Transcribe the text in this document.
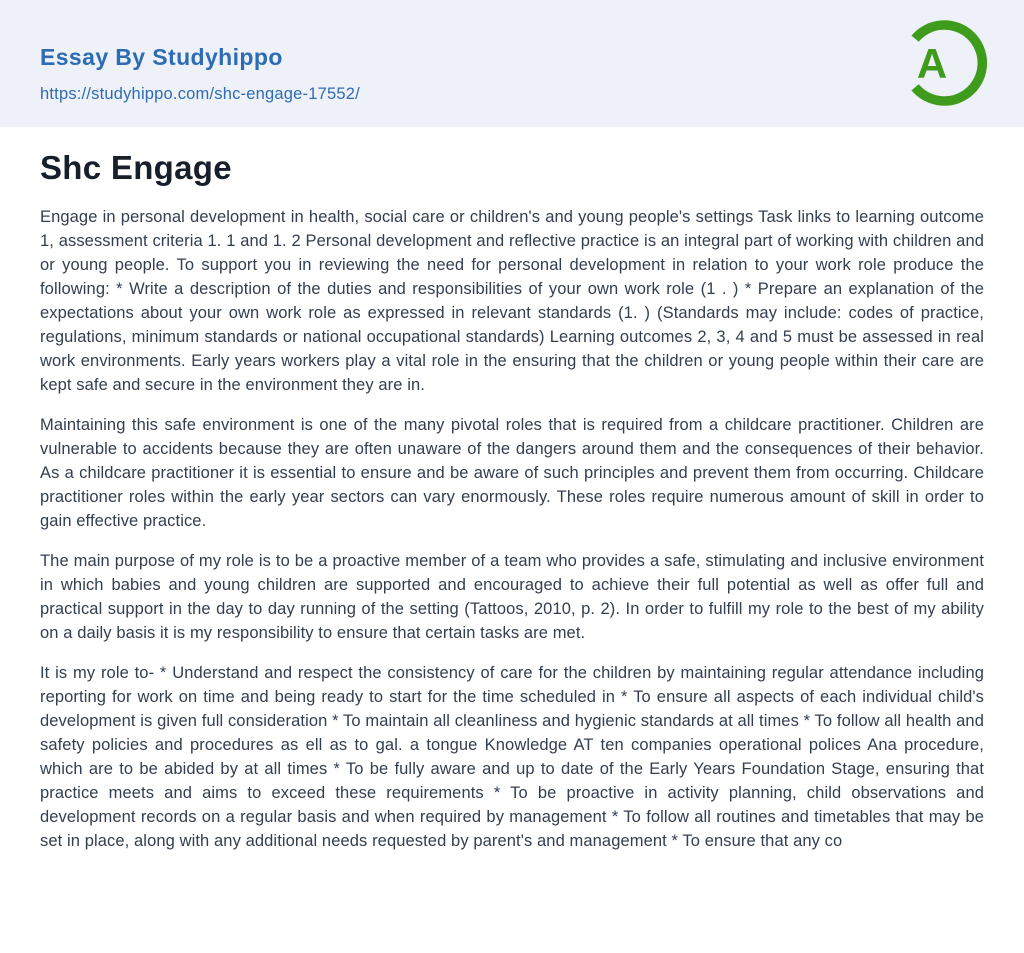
Essay By Studyhippo
https://studyhippo.com/shc-engage-17552/
A
Shc Engage

Engage in personal development in health, social care or children's and young people's settings Task links to learning outcome 1, assessment criteria 1. 1 and 1. 2 Personal development and reflective practice is an integral part of working with children and or young people. To support you in reviewing the need for personal development in relation to your work role produce the following: * Write a description of the duties and responsibilities of your own work role (1 . ) * Prepare an explanation of the expectations about your own work role as expressed in relevant standards (1. ) (Standards may include: codes of practice, regulations, minimum standards or national occupational standards) Learning outcomes 2, 3, 4 and 5 must be assessed in real work environments. Early years workers play a vital role in the ensuring that the children or young people within their care are kept safe and secure in the environment they are in.

Maintaining this safe environment is one of the many pivotal roles that is required from a childcare practitioner. Children are vulnerable to accidents because they are often unaware of the dangers around them and the consequences of their behavior. As a childcare practitioner it is essential to ensure and be aware of such principles and prevent them from occurring. Childcare practitioner roles within the early year sectors can vary enormously. These roles require numerous amount of skill in order to gain effective practice.

The main purpose of my role is to be a proactive member of a team who provides a safe, stimulating and inclusive environment in which babies and young children are supported and encouraged to achieve their full potential as well as offer full and practical support in the day to day running of the setting (Tattoos, 2010, p. 2). In order to fulfill my role to the best of my ability on a daily basis it is my responsibility to ensure that certain tasks are met.

It is my role to- * Understand and respect the consistency of care for the children by maintaining regular attendance including reporting for work on time and being ready to start for the time scheduled in * To ensure all aspects of each individual child's development is given full consideration * To maintain all cleanliness and hygienic standards at all times * To follow all health and safety policies and procedures as ell as to gal. a tongue Knowledge AT ten companies operational polices Ana procedure, which are to be abided by at all times * To be fully aware and up to date of the Early Years Foundation Stage, ensuring that practice meets and aims to exceed these requirements * To be proactive in activity planning, child observations and development records on a regular basis and when required by management * To follow all routines and timetables that may be set in place, along with any additional needs requested by parent's and management * To ensure that any co
